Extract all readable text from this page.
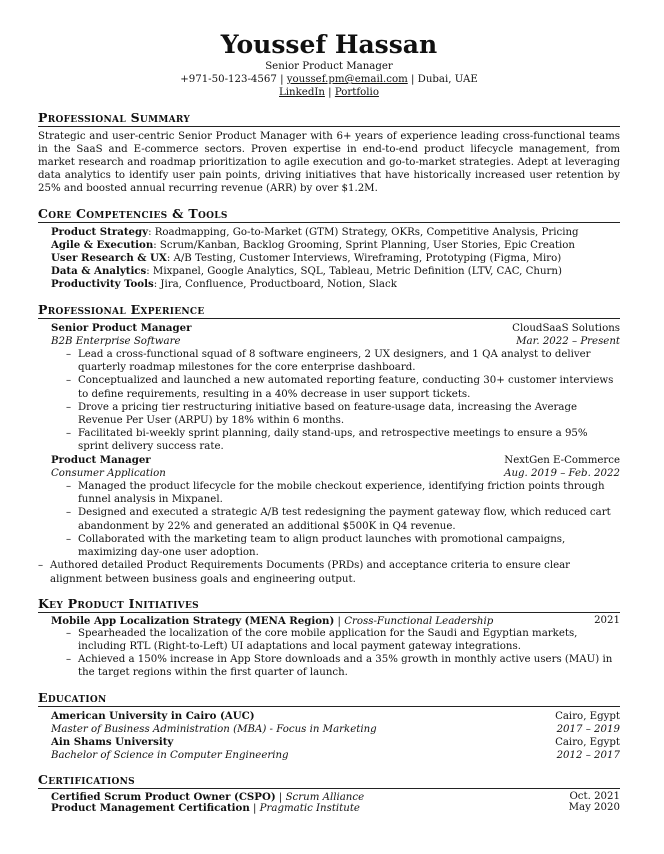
Youssef Hassan

Senior Product Manager

+971-50-123-4567 | youssef.pm@email.com | Dubai, UAE

LinkedIn | Portfolio

Professional Summary

Strategic and user-centric Senior Product Manager with 6+ years of experience leading cross-functional teams in the SaaS and E-commerce sectors. Proven expertise in end-to-end product lifecycle management, from market research and roadmap prioritization to agile execution and go-to-market strategies. Adept at leveraging data analytics to identify user pain points, driving initiatives that have historically increased user retention by 25% and boosted annual recurring revenue (ARR) by over $1.2M.

Core Competencies & Tools

Product Strategy: Roadmapping, Go-to-Market (GTM) Strategy, OKRs, Competitive Analysis, Pricing

Agile & Execution: Scrum/Kanban, Backlog Grooming, Sprint Planning, User Stories, Epic Creation

User Research & UX: A/B Testing, Customer Interviews, Wireframing, Prototyping (Figma, Miro)

Data & Analytics: Mixpanel, Google Analytics, SQL, Tableau, Metric Definition (LTV, CAC, Churn)

Productivity Tools: Jira, Confluence, Productboard, Notion, Slack

Professional Experience

Senior Product Manager	CloudSaaS Solutions

B2B Enterprise Software	Mar. 2022 – Present

– Lead a cross-functional squad of 8 software engineers, 2 UX designers, and 1 QA analyst to deliver quarterly roadmap milestones for the core enterprise dashboard.
– Conceptualized and launched a new automated reporting feature, conducting 30+ customer interviews to define requirements, resulting in a 40% decrease in user support tickets.
– Drove a pricing tier restructuring initiative based on feature-usage data, increasing the Average Revenue Per User (ARPU) by 18% within 6 months.
– Facilitated bi-weekly sprint planning, daily stand-ups, and retrospective meetings to ensure a 95% sprint delivery success rate.

Product Manager	NextGen E-Commerce

Consumer Application	Aug. 2019 – Feb. 2022

– Managed the product lifecycle for the mobile checkout experience, identifying friction points through funnel analysis in Mixpanel.
– Designed and executed a strategic A/B test redesigning the payment gateway flow, which reduced cart abandonment by 22% and generated an additional $500K in Q4 revenue.
– Collaborated with the marketing team to align product launches with promotional campaigns, maximizing day-one user adoption.
– Authored detailed Product Requirements Documents (PRDs) and acceptance criteria to ensure clear alignment between business goals and engineering output.
Key Product Initiatives

Mobile App Localization Strategy (MENA Region) | Cross-Functional Leadership	2021

– Spearheaded the localization of the core mobile application for the Saudi and Egyptian markets, including RTL (Right-to-Left) UI adaptations and local payment gateway integrations.
– Achieved a 150% increase in App Store downloads and a 35% growth in monthly active users (MAU) in the target regions within the first quarter of launch.
Education

American University in Cairo (AUC)	Cairo, Egypt

Master of Business Administration (MBA) - Focus in Marketing	2017 – 2019

Ain Shams University	Cairo, Egypt

Bachelor of Science in Computer Engineering	2012 – 2017

Certifications

Certified Scrum Product Owner (CSPO) | Scrum Alliance	Oct. 2021

Product Management Certification | Pragmatic Institute	May 2020
